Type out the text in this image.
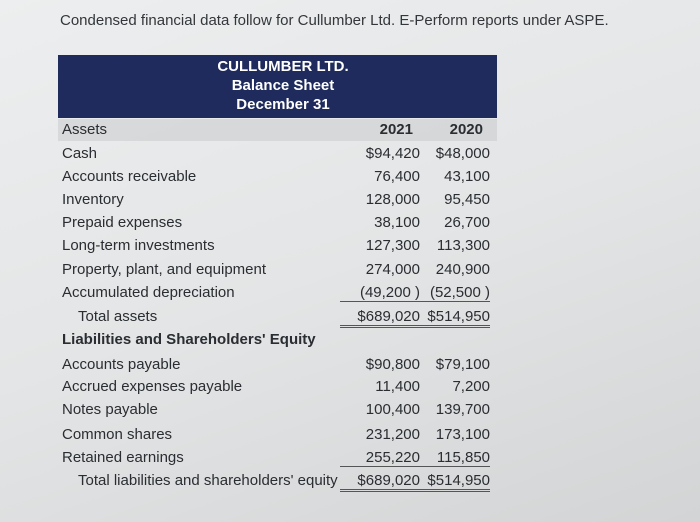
Condensed financial data follow for Cullumber Ltd. E-Perform reports under ASPE.
CULLUMBER LTD.
Balance Sheet
December 31
Assets	2021	2020
Cash	$94,420	$48,000
Accounts receivable	76,400	43,100
Inventory	128,000	95,450
Prepaid expenses	38,100	26,700
Long-term investments	127,300	113,300
Property, plant, and equipment	274,000	240,900
Accumulated depreciation	(49,200 ) (52,500 )
Total assets	$689,020 $514,950
Liabilities and Shareholders' Equity
Accounts payable	$90,800	$79,100
Accrued expenses payable	11,400	7,200
Notes payable	100,400	139,700
Common shares	231,200	173,100
Retained earnings	255,220	115,850
Total liabilities and shareholders' equity	$689,020 $514,950
